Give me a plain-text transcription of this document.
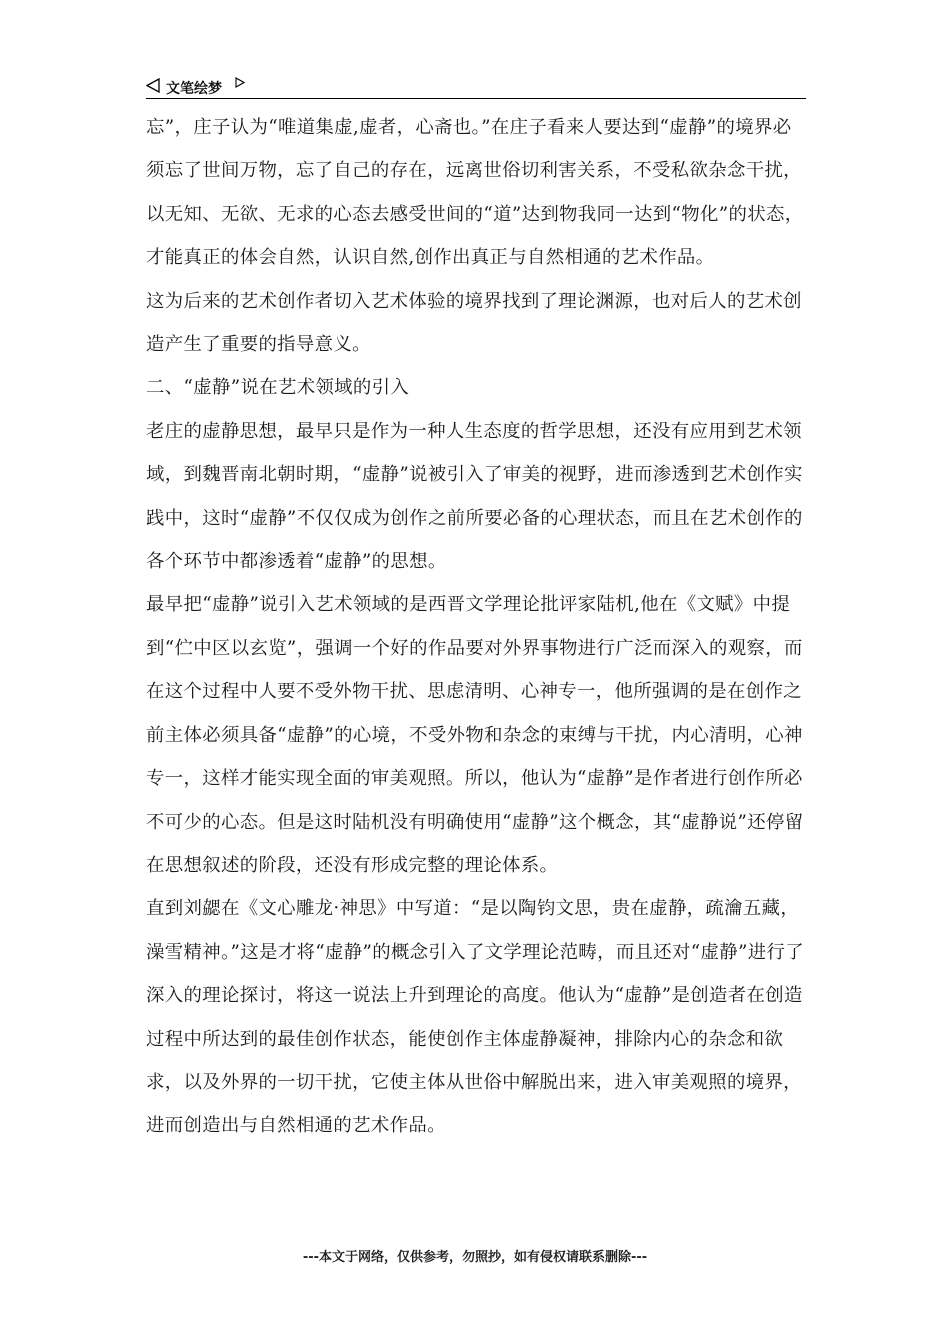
文笔绘梦

忘”，庄子认为“唯道集虚,虚者，心斋也。”在庄子看来人要达到“虚静”的境界必须忘了世间万物，忘了自己的存在，远离世俗切利害关系，不受私欲杂念干扰，以无知、无欲、无求的心态去感受世间的“道”达到物我同一达到“物化”的状态，才能真正的体会自然，认识自然,创作出真正与自然相通的艺术作品。

这为后来的艺术创作者切入艺术体验的境界找到了理论渊源，也对后人的艺术创造产生了重要的指导意义。

二、“虚静”说在艺术领域的引入

老庄的虚静思想，最早只是作为一种人生态度的哲学思想，还没有应用到艺术领域，到魏晋南北朝时期，“虚静”说被引入了审美的视野，进而渗透到艺术创作实践中，这时“虚静”不仅仅成为创作之前所要必备的心理状态，而且在艺术创作的各个环节中都渗透着“虚静”的思想。

最早把“虚静”说引入艺术领域的是西晋文学理论批评家陆机,他在《文赋》中提到“伫中区以玄览”，强调一个好的作品要对外界事物进行广泛而深入的观察，而在这个过程中人要不受外物干扰、思虑清明、心神专一，他所强调的是在创作之前主体必须具备“虚静”的心境，不受外物和杂念的束缚与干扰，内心清明，心神专一，这样才能实现全面的审美观照。所以，他认为“虚静”是作者进行创作所必不可少的心态。但是这时陆机没有明确使用“虚静”这个概念，其“虚静说”还停留在思想叙述的阶段，还没有形成完整的理论体系。

直到刘勰在《文心雕龙·神思》中写道：“是以陶钧文思，贵在虚静，疏瀹五藏，澡雪精神。”这是才将“虚静”的概念引入了文学理论范畴，而且还对“虚静”进行了深入的理论探讨，将这一说法上升到理论的高度。他认为“虚静”是创造者在创造过程中所达到的最佳创作状态，能使创作主体虚静凝神，排除内心的杂念和欲求，以及外界的一切干扰，它使主体从世俗中解脱出来，进入审美观照的境界，进而创造出与自然相通的艺术作品。

---本文于网络，仅供参考，勿照抄，如有侵权请联系删除---
